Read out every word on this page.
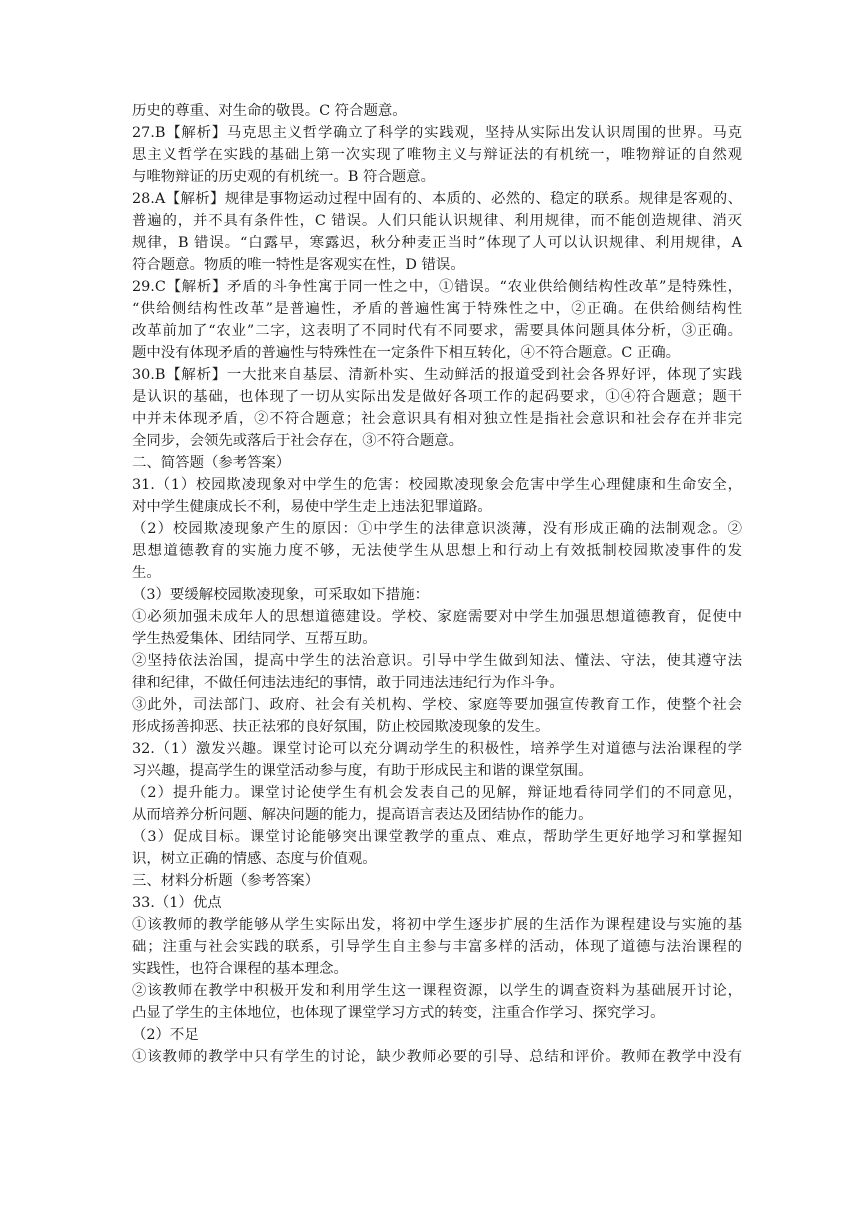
历史的尊重、对生命的敬畏。C 符合题意。
27.B【解析】马克思主义哲学确立了科学的实践观，坚持从实际出发认识周围的世界。马克
思主义哲学在实践的基础上第一次实现了唯物主义与辩证法的有机统一，唯物辩证的自然观
与唯物辩证的历史观的有机统一。B 符合题意。
28.A【解析】规律是事物运动过程中固有的、本质的、必然的、稳定的联系。规律是客观的、
普遍的，并不具有条件性，C 错误。人们只能认识规律、利用规律，而不能创造规律、消灭
规律，B 错误。“白露早，寒露迟，秋分种麦正当时”体现了人可以认识规律、利用规律，A
符合题意。物质的唯一特性是客观实在性，D 错误。
29.C【解析】矛盾的斗争性寓于同一性之中，①错误。“农业供给侧结构性改革”是特殊性，
“供给侧结构性改革”是普遍性，矛盾的普遍性寓于特殊性之中，②正确。在供给侧结构性
改革前加了“农业”二字，这表明了不同时代有不同要求，需要具体问题具体分析，③正确。
题中没有体现矛盾的普遍性与特殊性在一定条件下相互转化，④不符合题意。C 正确。
30.B【解析】一大批来自基层、清新朴实、生动鲜活的报道受到社会各界好评，体现了实践
是认识的基础，也体现了一切从实际出发是做好各项工作的起码要求，①④符合题意；题干
中并未体现矛盾，②不符合题意；社会意识具有相对独立性是指社会意识和社会存在并非完
全同步，会领先或落后于社会存在，③不符合题意。
二、简答题（参考答案）
31.（1）校园欺凌现象对中学生的危害：校园欺凌现象会危害中学生心理健康和生命安全，
对中学生健康成长不利，易使中学生走上违法犯罪道路。
（2）校园欺凌现象产生的原因：①中学生的法律意识淡薄，没有形成正确的法制观念。②
思想道德教育的实施力度不够，无法使学生从思想上和行动上有效抵制校园欺凌事件的发
生。
（3）要缓解校园欺凌现象，可采取如下措施：
①必须加强未成年人的思想道德建设。学校、家庭需要对中学生加强思想道德教育，促使中
学生热爱集体、团结同学、互帮互助。
②坚持依法治国，提高中学生的法治意识。引导中学生做到知法、懂法、守法，使其遵守法
律和纪律，不做任何违法违纪的事情，敢于同违法违纪行为作斗争。
③此外，司法部门、政府、社会有关机构、学校、家庭等要加强宣传教育工作，使整个社会
形成扬善抑恶、扶正祛邪的良好氛围，防止校园欺凌现象的发生。
32.（1）激发兴趣。课堂讨论可以充分调动学生的积极性，培养学生对道德与法治课程的学
习兴趣，提高学生的课堂活动参与度，有助于形成民主和谐的课堂氛围。
（2）提升能力。课堂讨论使学生有机会发表自己的见解，辩证地看待同学们的不同意见，
从而培养分析问题、解决问题的能力，提高语言表达及团结协作的能力。
（3）促成目标。课堂讨论能够突出课堂教学的重点、难点，帮助学生更好地学习和掌握知
识，树立正确的情感、态度与价值观。
三、材料分析题（参考答案）
33.（1）优点
①该教师的教学能够从学生实际出发，将初中学生逐步扩展的生活作为课程建设与实施的基
础；注重与社会实践的联系，引导学生自主参与丰富多样的活动，体现了道德与法治课程的
实践性，也符合课程的基本理念。
②该教师在教学中积极开发和利用学生这一课程资源，以学生的调查资料为基础展开讨论，
凸显了学生的主体地位，也体现了课堂学习方式的转变，注重合作学习、探究学习。
（2）不足
①该教师的教学中只有学生的讨论，缺少教师必要的引导、总结和评价。教师在教学中没有
